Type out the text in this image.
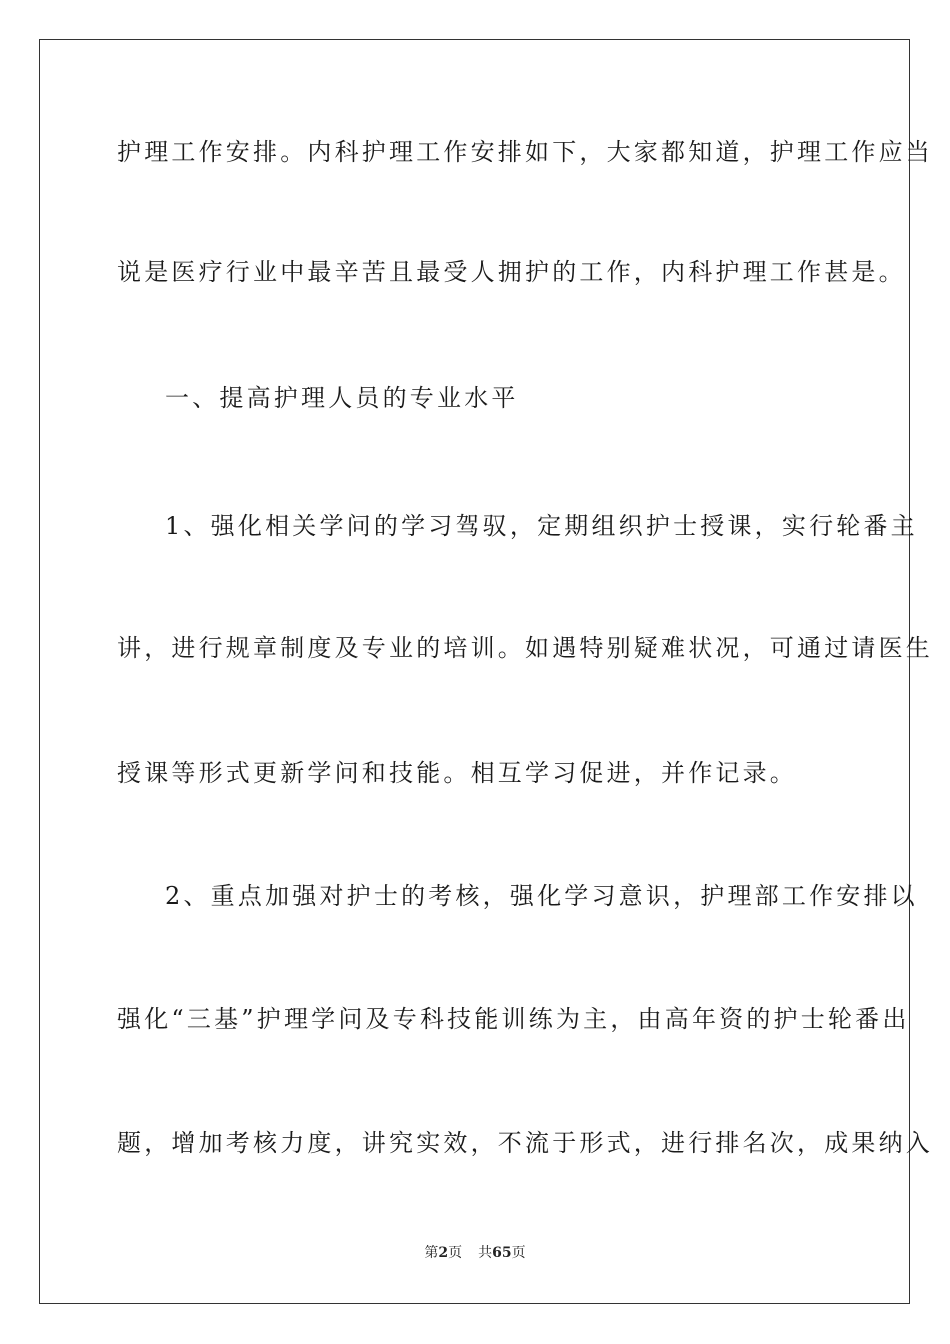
护理工作安排。内科护理工作安排如下，大家都知道，护理工作应当
说是医疗行业中最辛苦且最受人拥护的工作，内科护理工作甚是。
一、提高护理人员的专业水平
1、强化相关学问的学习驾驭，定期组织护士授课，实行轮番主
讲，进行规章制度及专业的培训。如遇特别疑难状况，可通过请医生
授课等形式更新学问和技能。相互学习促进，并作记录。
2、重点加强对护士的考核，强化学习意识，护理部工作安排以
强化“三基”护理学问及专科技能训练为主，由高年资的护士轮番出
题，增加考核力度，讲究实效，不流于形式，进行排名次，成果纳入
第2页 共65页
